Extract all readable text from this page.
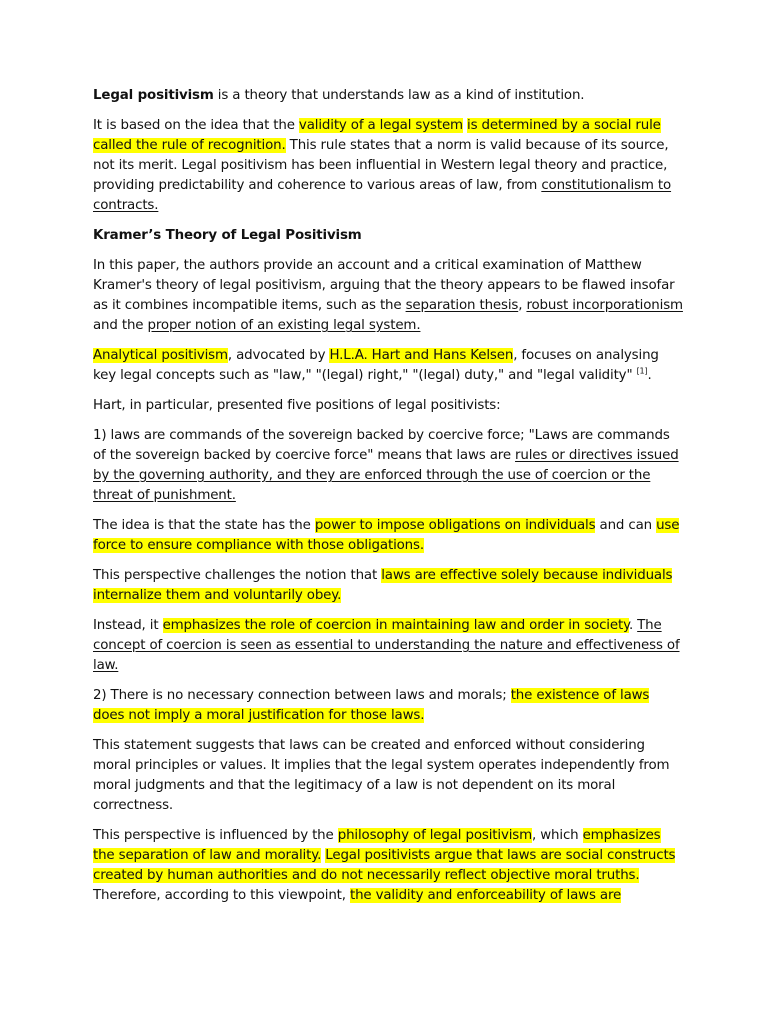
Legal positivism is a theory that understands law as a kind of institution.

It is based on the idea that the validity of a legal system is determined by a social rule called the rule of recognition. This rule states that a norm is valid because of its source, not its merit. Legal positivism has been influential in Western legal theory and practice, providing predictability and coherence to various areas of law, from constitutionalism to contracts.

Kramer’s Theory of Legal Positivism

In this paper, the authors provide an account and a critical examination of Matthew Kramer's theory of legal positivism, arguing that the theory appears to be flawed insofar as it combines incompatible items, such as the separation thesis, robust incorporationism and the proper notion of an existing legal system.

Analytical positivism, advocated by H.L.A. Hart and Hans Kelsen, focuses on analysing key legal concepts such as "law," "(legal) right," "(legal) duty," and "legal validity" [1].

Hart, in particular, presented five positions of legal positivists:

1) laws are commands of the sovereign backed by coercive force; "Laws are commands of the sovereign backed by coercive force" means that laws are rules or directives issued by the governing authority, and they are enforced through the use of coercion or the threat of punishment.

The idea is that the state has the power to impose obligations on individuals and can use force to ensure compliance with those obligations.

This perspective challenges the notion that laws are effective solely because individuals internalize them and voluntarily obey.

Instead, it emphasizes the role of coercion in maintaining law and order in society. The concept of coercion is seen as essential to understanding the nature and effectiveness of law.

2) There is no necessary connection between laws and morals; the existence of laws does not imply a moral justification for those laws.

This statement suggests that laws can be created and enforced without considering moral principles or values. It implies that the legal system operates independently from moral judgments and that the legitimacy of a law is not dependent on its moral correctness.

This perspective is influenced by the philosophy of legal positivism, which emphasizes the separation of law and morality. Legal positivists argue that laws are social constructs created by human authorities and do not necessarily reflect objective moral truths. Therefore, according to this viewpoint, the validity and enforceability of laws are
